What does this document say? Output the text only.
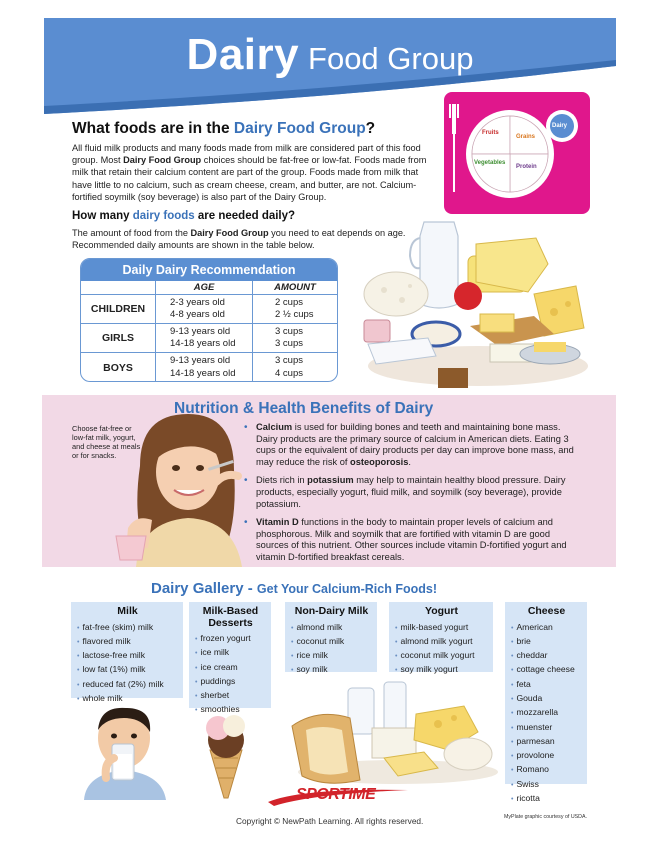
Dairy Food Group
What foods are in the Dairy Food Group?

All fluid milk products and many foods made from milk are considered part of this food group. Most Dairy Food Group choices should be fat-free or low-fat. Foods made from milk that retain their calcium content are part of the group. Foods made from milk that have little to no calcium, such as cream cheese, cream, and butter, are not. Calcium-fortified soymilk (soy beverage) is also part of the Dairy Group.

Fruits
Grains
Vegetables
Protein
Dairy
How many dairy foods are needed daily?

The amount of food from the Dairy Food Group you need to eat depends on age. Recommended daily amounts are shown in the table below.

Daily Dairy Recommendation
AGE	AMOUNT
CHILDREN
2-3 years old
4-8 years old
2 cups
2 ½ cups
GIRLS
9-13 years old
14-18 years old
3 cups
3 cups
BOYS
9-13 years old
14-18 years old
3 cups
4 cups
Nutrition & Health Benefits of Dairy

Choose fat-free or low-fat milk, yogurt, and cheese at meals or for snacks.

• Calcium is used for building bones and teeth and maintaining bone mass. Dairy products are the primary source of calcium in American diets. Eating 3 cups or the equivalent of dairy products per day can improve bone mass, and may reduce the risk of osteoporosis.
• Diets rich in potassium may help to maintain healthy blood pressure. Dairy products, especially yogurt, fluid milk, and soymilk (soy beverage), provide potassium.
• Vitamin D functions in the body to maintain proper levels of calcium and phosphorous. Milk and soymilk that are fortified with vitamin D are good sources of this nutrient. Other sources include vitamin D-fortified yogurt and vitamin D-fortified breakfast cereals.
Dairy Gallery - Get Your Calcium-Rich Foods!
Milk
• fat-free (skim) milk
• flavored milk
• lactose-free milk
• low fat (1%) milk
• reduced fat (2%) milk
• whole milk
Milk-Based Desserts
• frozen yogurt
• ice milk
• ice cream
• puddings
• sherbet
• smoothies
Non-Dairy Milk
• almond milk
• coconut milk
• rice milk
• soy milk
Yogurt
• milk-based yogurt
• almond milk yogurt
• coconut milk yogurt
• soy milk yogurt
Cheese
• American
• brie
• cheddar
• cottage cheese
• feta
• Gouda
• mozzarella
• muenster
• parmesan
• provolone
• Romano
• Swiss
• ricotta
SPORTIME
Copyright © NewPath Learning. All rights reserved.	MyPlate graphic courtesy of USDA.
